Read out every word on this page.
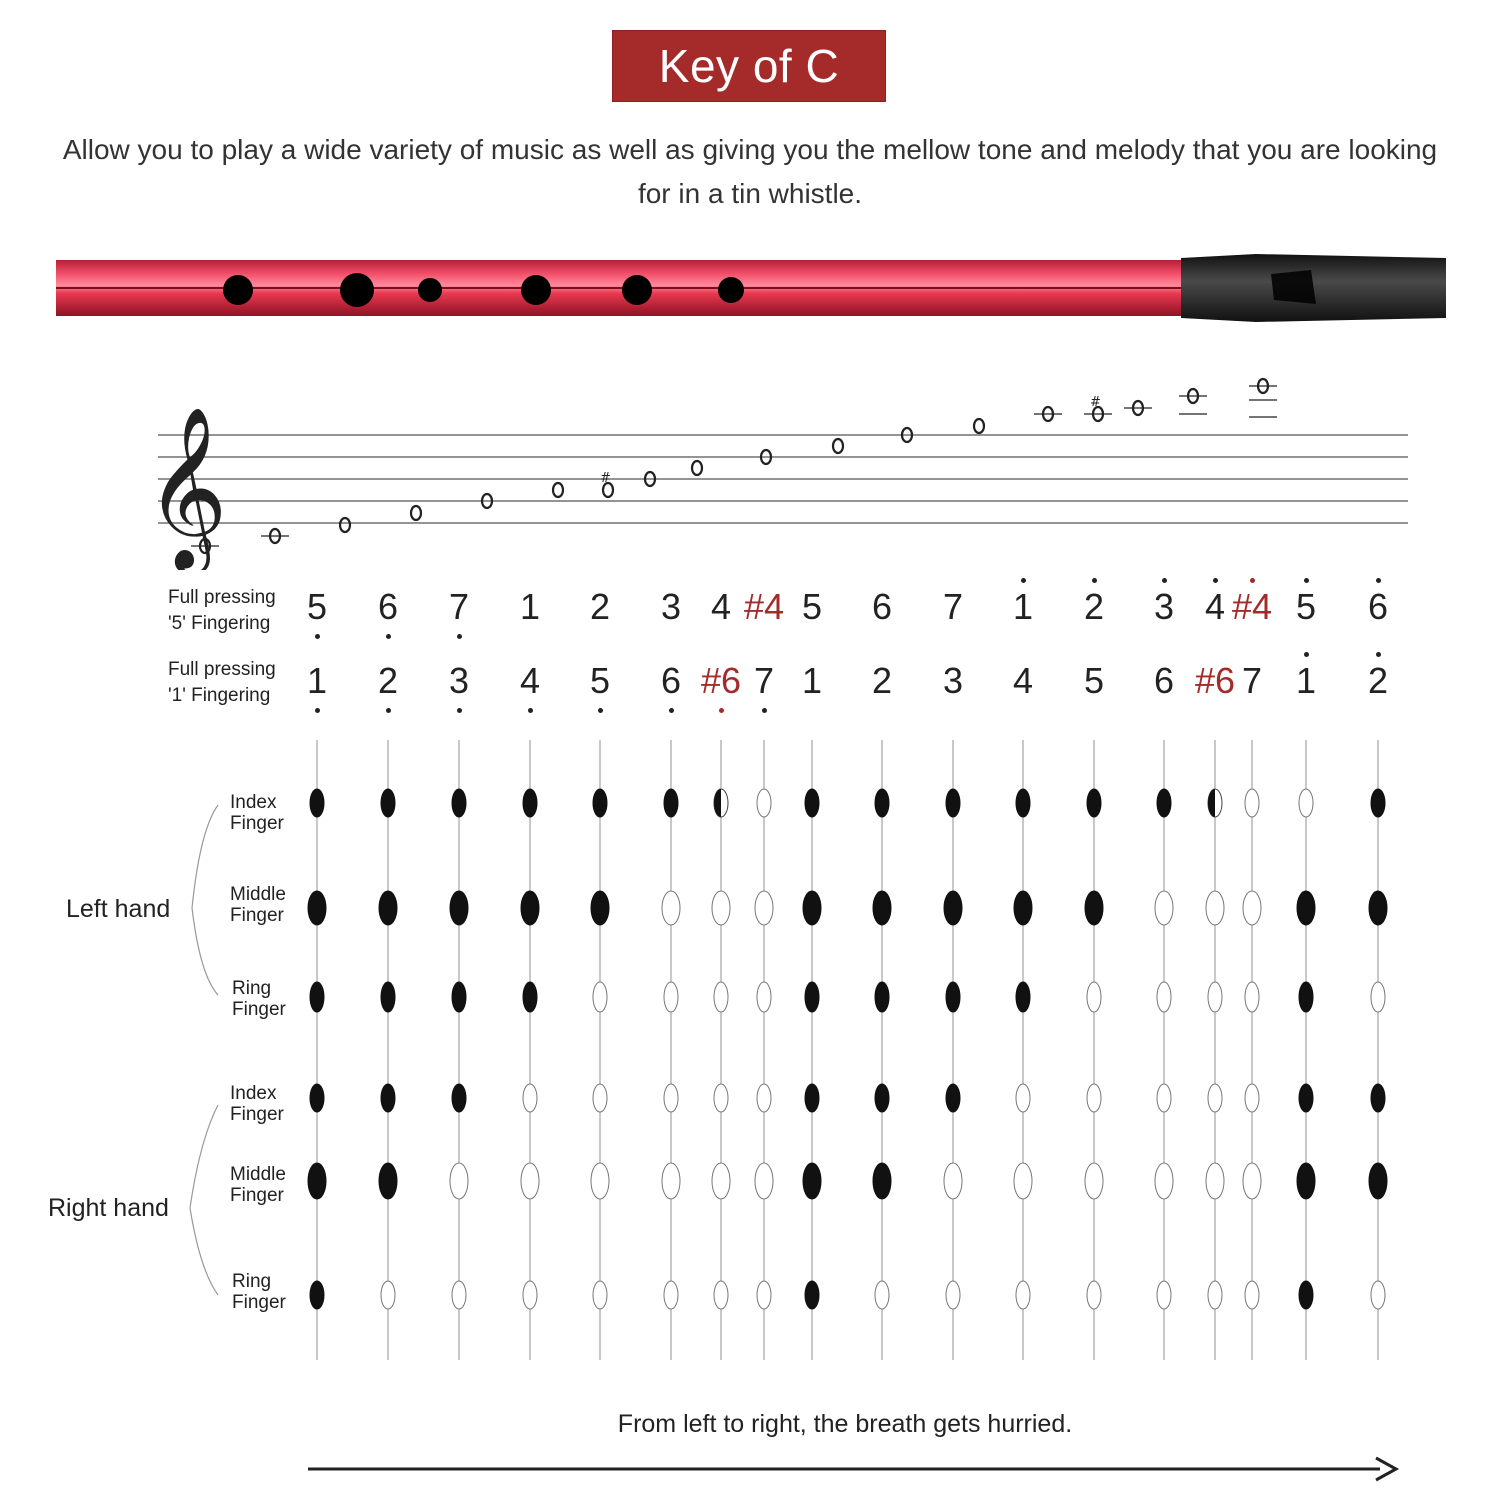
Key of C
Allow you to play a wide variety of music as well as giving you the mellow tone and melody that you are looking for in a tin whistle.
𝄞	#
#
Full pressing
'5' Fingering
Full pressing
'1' Fingering
5
1
6
2
7
3
1
4
2
5
3
6
4
#6
#4
7
5
1
6
2
7
3
1
4
2
5
3
6
4
#6
#4
7
5
1
6
2
Left hand
Right hand
Index
Finger
Middle
Finger
Ring
Finger
Index
Finger
Middle
Finger
Ring
Finger
From left to right, the breath gets hurried.
